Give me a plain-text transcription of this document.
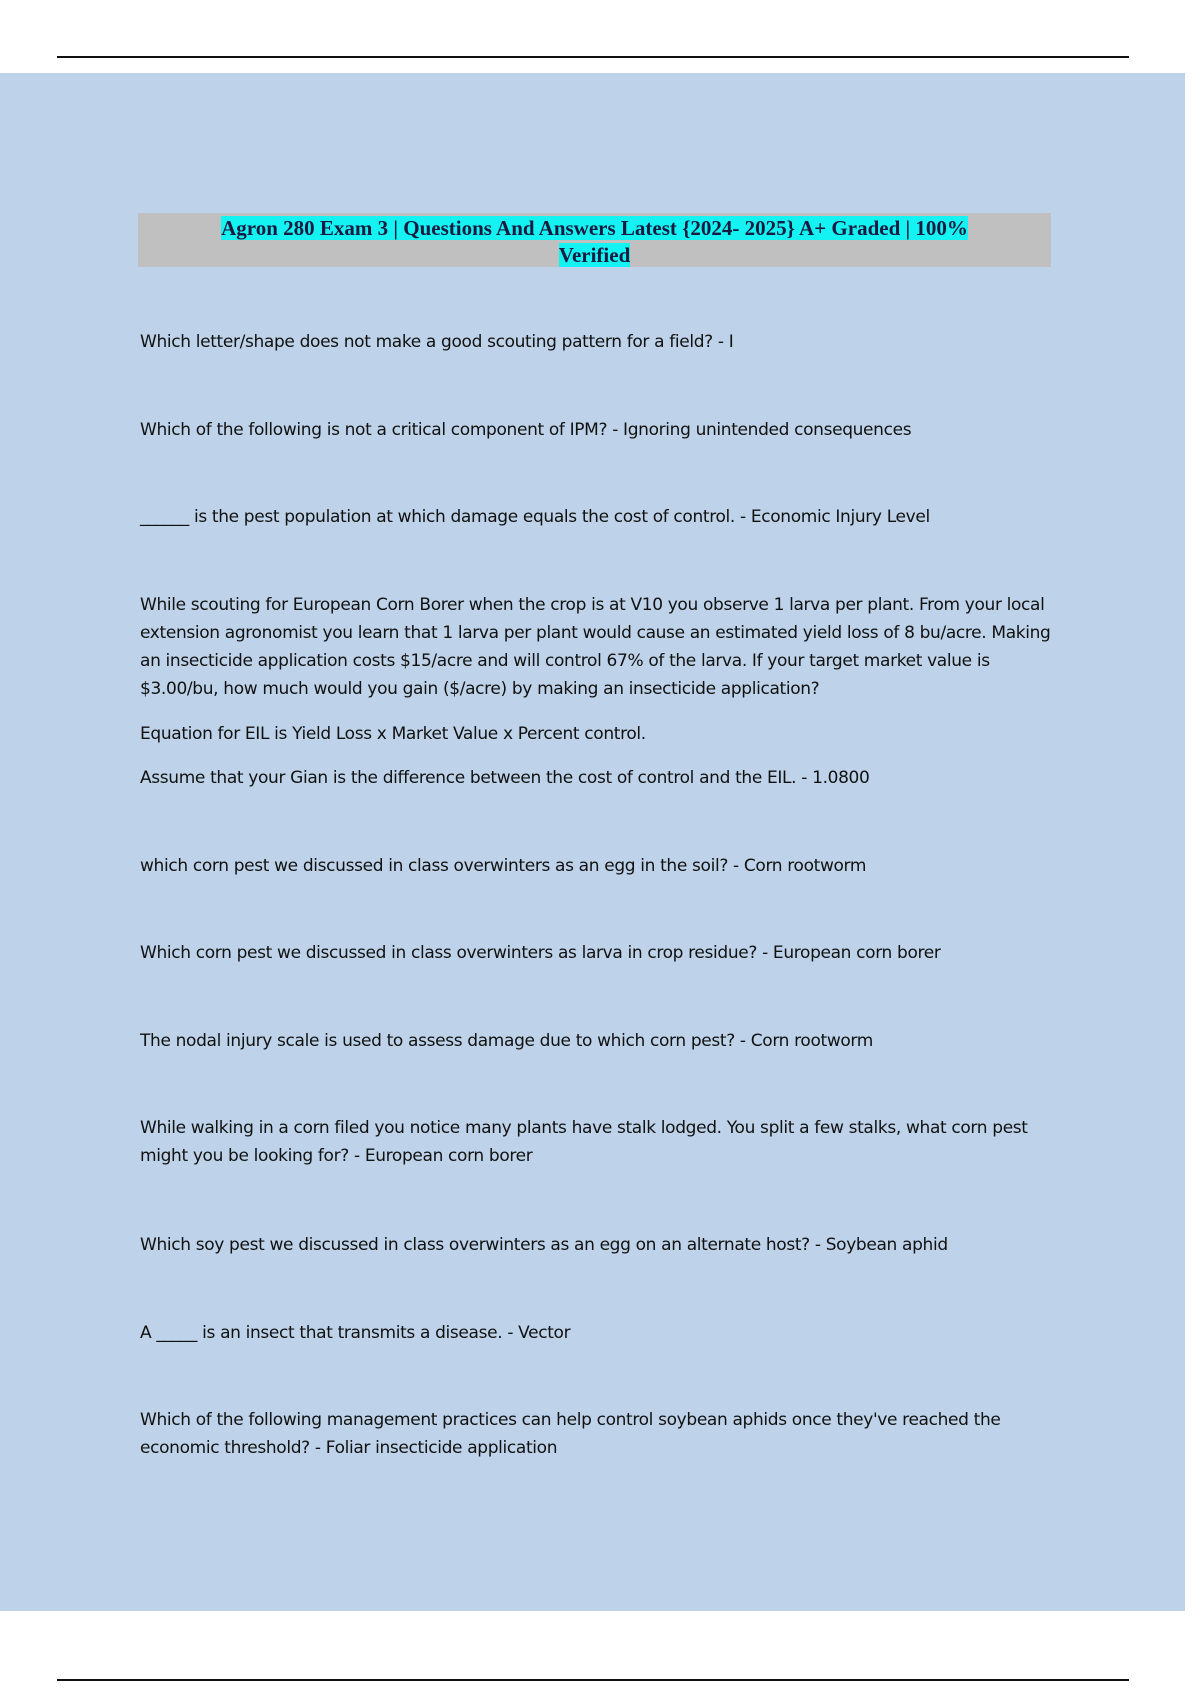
Agron 280 Exam 3 | Questions And Answers Latest {2024- 2025} A+ Graded | 100%
Verified

Which letter/shape does not make a good scouting pattern for a field? - I

Which of the following is not a critical component of IPM? - Ignoring unintended consequences

______ is the pest population at which damage equals the cost of control. - Economic Injury Level

While scouting for European Corn Borer when the crop is at V10 you observe 1 larva per plant. From your local extension agronomist you learn that 1 larva per plant would cause an estimated yield loss of 8 bu/acre. Making an insecticide application costs $15/acre and will control 67% of the larva. If your target market value is $3.00/bu, how much would you gain ($/acre) by making an insecticide application?

Equation for EIL is Yield Loss x Market Value x Percent control.

Assume that your Gian is the difference between the cost of control and the EIL. - 1.0800

which corn pest we discussed in class overwinters as an egg in the soil? - Corn rootworm

Which corn pest we discussed in class overwinters as larva in crop residue? - European corn borer

The nodal injury scale is used to assess damage due to which corn pest? - Corn rootworm

While walking in a corn filed you notice many plants have stalk lodged. You split a few stalks, what corn pest might you be looking for? - European corn borer

Which soy pest we discussed in class overwinters as an egg on an alternate host? - Soybean aphid

A _____ is an insect that transmits a disease. - Vector

Which of the following management practices can help control soybean aphids once they've reached the economic threshold? - Foliar insecticide application
